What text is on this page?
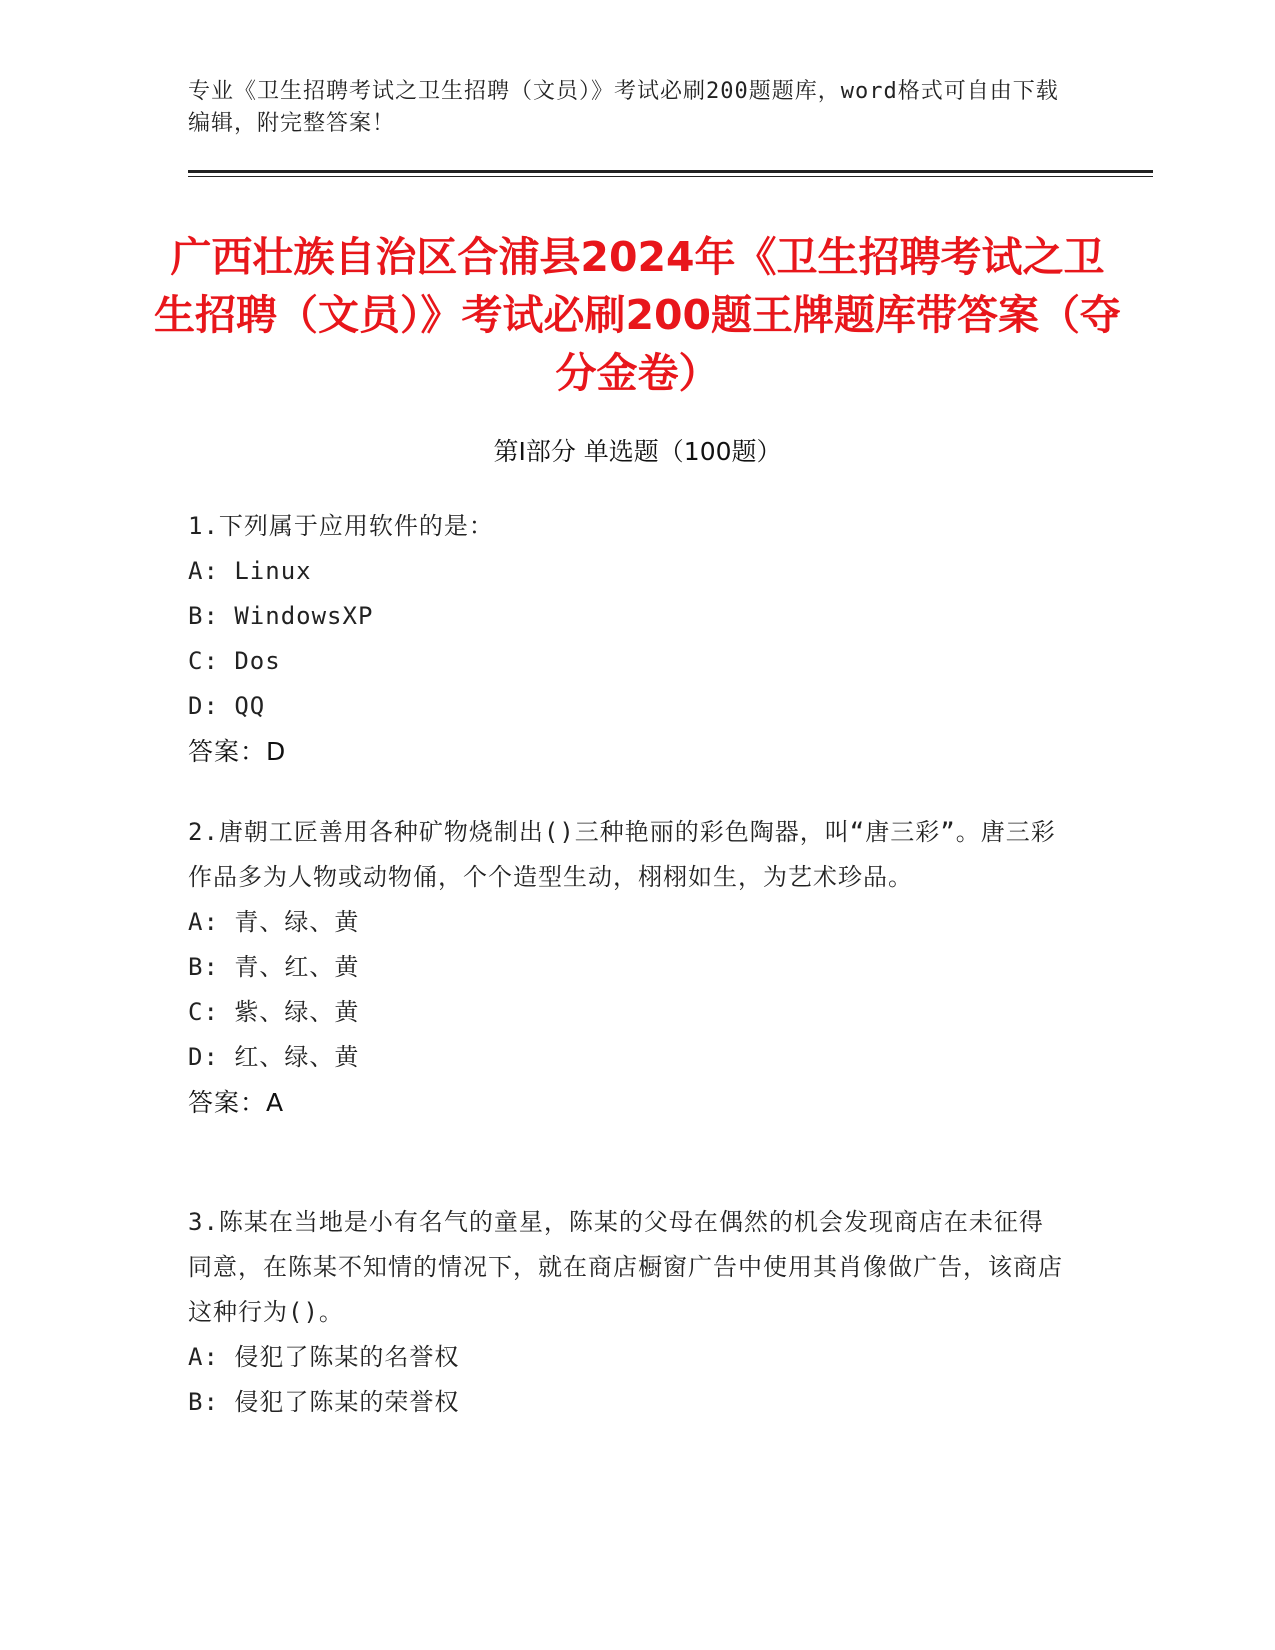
专业《卫生招聘考试之卫生招聘（文员）》考试必刷200题题库，word格式可自由下载编辑，附完整答案！
广西壮族自治区合浦县2024年《卫生招聘考试之卫生招聘（文员）》考试必刷200题王牌题库带答案（夺分金卷）
第Ⅰ部分 单选题（100题）
1.下列属于应用软件的是：
A: Linux
B: WindowsXP
C: Dos
D: QQ
答案：D
2.唐朝工匠善用各种矿物烧制出()三种艳丽的彩色陶器，叫“唐三彩”。唐三彩作品多为人物或动物俑，个个造型生动，栩栩如生，为艺术珍品。
A: 青、绿、黄
B: 青、红、黄
C: 紫、绿、黄
D: 红、绿、黄
答案：A
3.陈某在当地是小有名气的童星，陈某的父母在偶然的机会发现商店在未征得同意，在陈某不知情的情况下，就在商店橱窗广告中使用其肖像做广告，该商店这种行为()。
A: 侵犯了陈某的名誉权
B: 侵犯了陈某的荣誉权
